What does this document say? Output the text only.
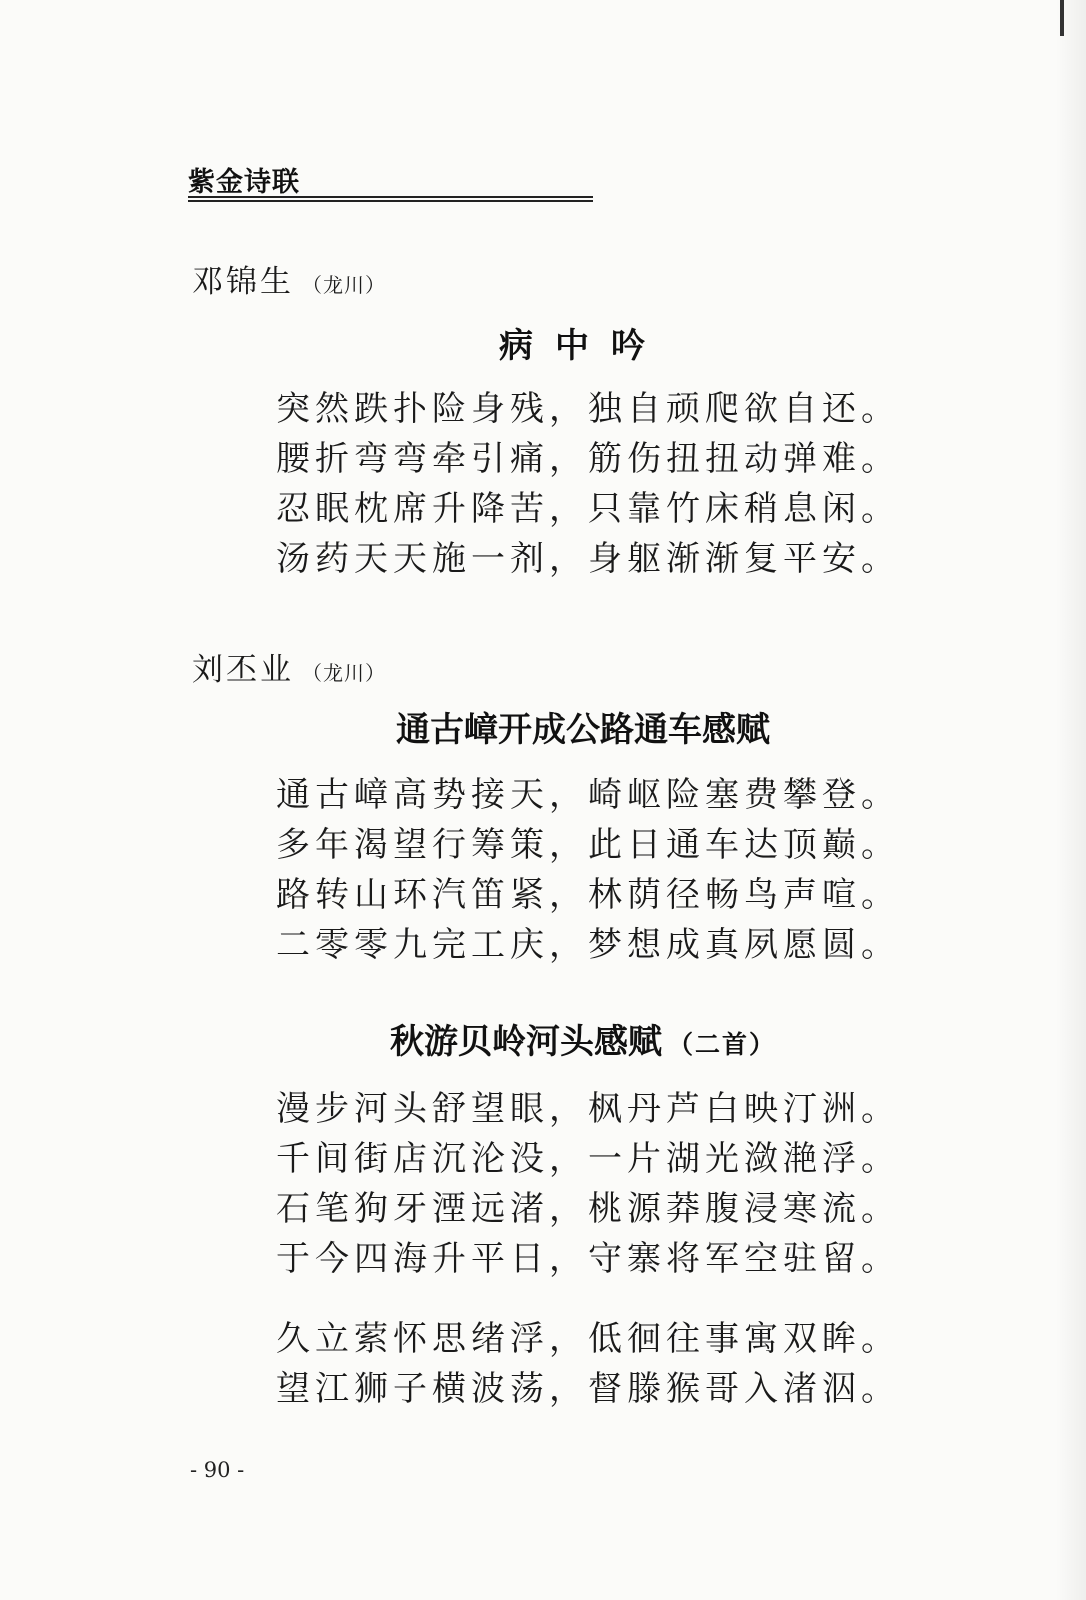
紫金诗联
邓锦生 （龙川）
病中吟
突然跌扑险身残，独自顽爬欲自还。
腰折弯弯牵引痛，筋伤扭扭动弹难。
忍眠枕席升降苦，只靠竹床稍息闲。
汤药天天施一剂，身躯渐渐复平安。
刘丕业 （龙川）
通古嶂开成公路通车感赋
通古嶂高势接天，崎岖险塞费攀登。
多年渴望行筹策，此日通车达顶巅。
路转山环汽笛紧，林荫径畅鸟声喧。
二零零九完工庆，梦想成真夙愿圆。
秋游贝岭河头感赋 （二首）
漫步河头舒望眼，枫丹芦白映汀洲。
千间街店沉沦没，一片湖光潋滟浮。
石笔狗牙湮远渚，桃源莽腹浸寒流。
于今四海升平日，守寨将军空驻留。
久立萦怀思绪浮，低徊往事寓双眸。
望江狮子横波荡，督滕猴哥入渚泅。
- 90 -
